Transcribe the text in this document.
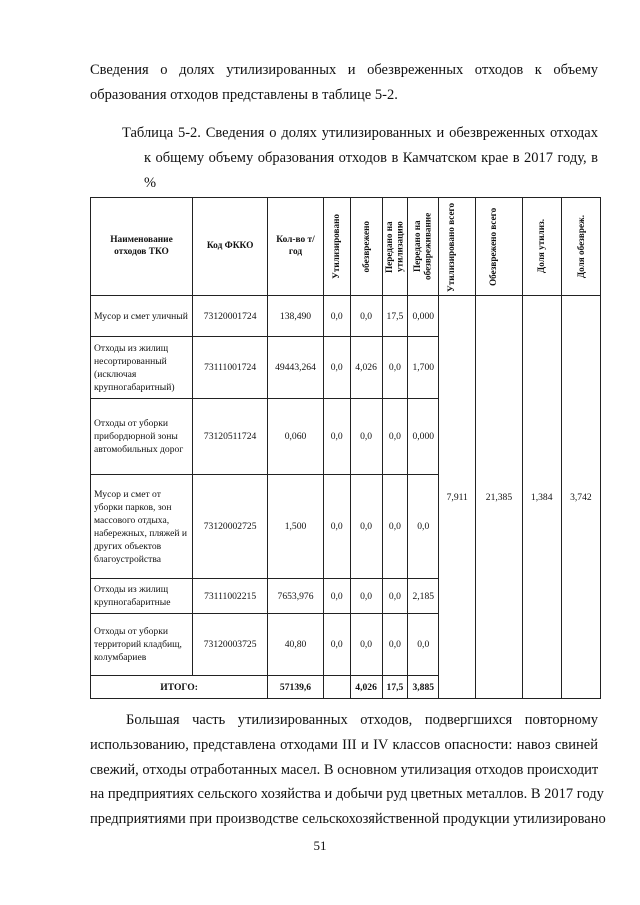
Сведения о долях утилизированных и обезвреженных отходов к объему
образования отходов представлены в таблице 5-2.
Таблица 5-2. Сведения о долях утилизированных и обезвреженных отходах
к общему объему образования отходов в Камчатском крае в 2017 году, в
%
Наименование отходов ТКО	Код ФККО	Кол-во т/год	Утилизировано	обезврежено	Передано на утилизацию	Передано на обезвреживание	Утилизировано всего	Обезврежено всего	Доля утилиз.	Доля обезвреж.

Мусор и смет уличный	73120001724	138,490	0,0	0,0	17,5	0,000	7,911	21,385	1,384	3,742
Отходы из жилищ несортированный (исключая крупногабаритный)	73111001724	49443,264	0,0	4,026	0,0	1,700				
Отходы от уборки прибордюрной зоны автомобильных дорог	73120511724	0,060	0,0	0,0	0,0	0,000				
Мусор и смет от уборки парков, зон массового отдыха, набережных, пляжей и других объектов благоустройства	73120002725	1,500	0,0	0,0	0,0	0,0				
Отходы из жилищ крупногабаритные	73111002215	7653,976	0,0	0,0	0,0	2,185				
Отходы от уборки территорий кладбищ, колумбариев	73120003725	40,80	0,0	0,0	0,0	0,0				
ИТОГО:		57139,6		4,026	17,5	3,885				
Большая часть утилизированных отходов, подвергшихся повторному
использованию, представлена отходами III и IV классов опасности: навоз свиней
свежий, отходы отработанных масел. В основном утилизация отходов происходит
на предприятиях сельского хозяйства и добычи руд цветных металлов. В 2017 году
предприятиями при производстве сельскохозяйственной продукции утилизировано
51
